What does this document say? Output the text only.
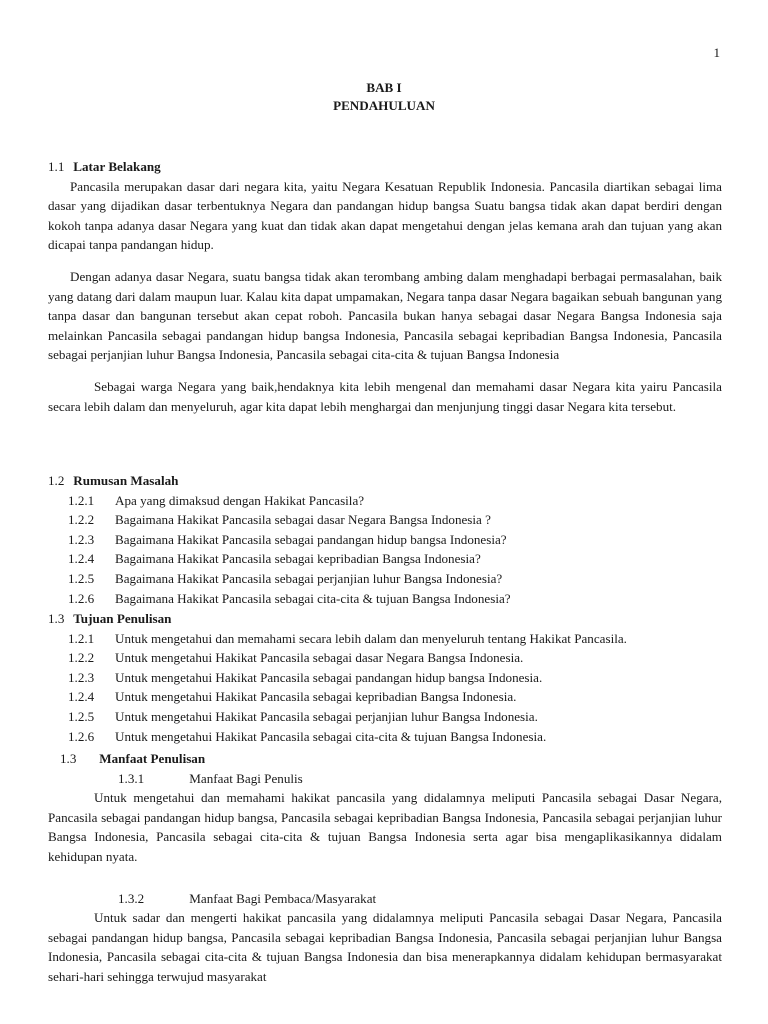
1
BAB I
PENDAHULUAN

1.1 Latar Belakang

Pancasila merupakan dasar dari negara kita, yaitu Negara Kesatuan Republik Indonesia. Pancasila diartikan sebagai lima dasar yang dijadikan dasar terbentuknya Negara dan pandangan hidup bangsa Suatu bangsa tidak akan dapat berdiri dengan kokoh tanpa adanya dasar Negara yang kuat dan tidak akan dapat mengetahui dengan jelas kemana arah dan tujuan yang akan dicapai tanpa pandangan hidup.

Dengan adanya dasar Negara, suatu bangsa tidak akan terombang ambing dalam menghadapi berbagai permasalahan, baik yang datang dari dalam maupun luar. Kalau kita dapat umpamakan, Negara tanpa dasar Negara bagaikan sebuah bangunan yang tanpa dasar dan bangunan tersebut akan cepat roboh. Pancasila bukan hanya sebagai dasar Negara Bangsa Indonesia saja melainkan Pancasila sebagai pandangan hidup bangsa Indonesia, Pancasila sebagai kepribadian Bangsa Indonesia, Pancasila sebagai perjanjian luhur Bangsa Indonesia, Pancasila sebagai cita-cita & tujuan Bangsa Indonesia

Sebagai warga Negara yang baik,hendaknya kita lebih mengenal dan memahami dasar Negara kita yairu Pancasila secara lebih dalam dan menyeluruh, agar kita dapat lebih menghargai dan menjunjung tinggi dasar Negara kita tersebut.

1.2 Rumusan Masalah

1.2.1 Apa yang dimaksud dengan Hakikat Pancasila?

1.2.2 Bagaimana Hakikat Pancasila sebagai dasar Negara Bangsa Indonesia ?

1.2.3 Bagaimana Hakikat Pancasila sebagai pandangan hidup bangsa Indonesia?

1.2.4 Bagaimana Hakikat Pancasila sebagai kepribadian Bangsa Indonesia?

1.2.5 Bagaimana Hakikat Pancasila sebagai perjanjian luhur Bangsa Indonesia?

1.2.6 Bagaimana Hakikat Pancasila sebagai cita-cita & tujuan Bangsa Indonesia?

1.3 Tujuan Penulisan

1.2.1 Untuk mengetahui dan memahami secara lebih dalam dan menyeluruh tentang Hakikat Pancasila.

1.2.2 Untuk mengetahui Hakikat Pancasila sebagai dasar Negara Bangsa Indonesia.

1.2.3 Untuk mengetahui Hakikat Pancasila sebagai pandangan hidup bangsa Indonesia.

1.2.4 Untuk mengetahui Hakikat Pancasila sebagai kepribadian Bangsa Indonesia.

1.2.5 Untuk mengetahui Hakikat Pancasila sebagai perjanjian luhur Bangsa Indonesia.

1.2.6 Untuk mengetahui Hakikat Pancasila sebagai cita-cita & tujuan Bangsa Indonesia.

1.3 Manfaat Penulisan

1.3.1	Manfaat Bagi Penulis

Untuk mengetahui dan memahami hakikat pancasila yang didalamnya meliputi Pancasila sebagai Dasar Negara, Pancasila sebagai pandangan hidup bangsa, Pancasila sebagai kepribadian Bangsa Indonesia, Pancasila sebagai perjanjian luhur Bangsa Indonesia, Pancasila sebagai cita-cita & tujuan Bangsa Indonesia serta agar bisa mengaplikasikannya didalam kehidupan nyata.

1.3.2	Manfaat Bagi Pembaca/Masyarakat

Untuk sadar dan mengerti hakikat pancasila yang didalamnya meliputi Pancasila sebagai Dasar Negara, Pancasila sebagai pandangan hidup bangsa, Pancasila sebagai kepribadian Bangsa Indonesia, Pancasila sebagai perjanjian luhur Bangsa Indonesia, Pancasila sebagai cita-cita & tujuan Bangsa Indonesia dan bisa menerapkannya didalam kehidupan bermasyarakat sehari-hari sehingga terwujud masyarakat
